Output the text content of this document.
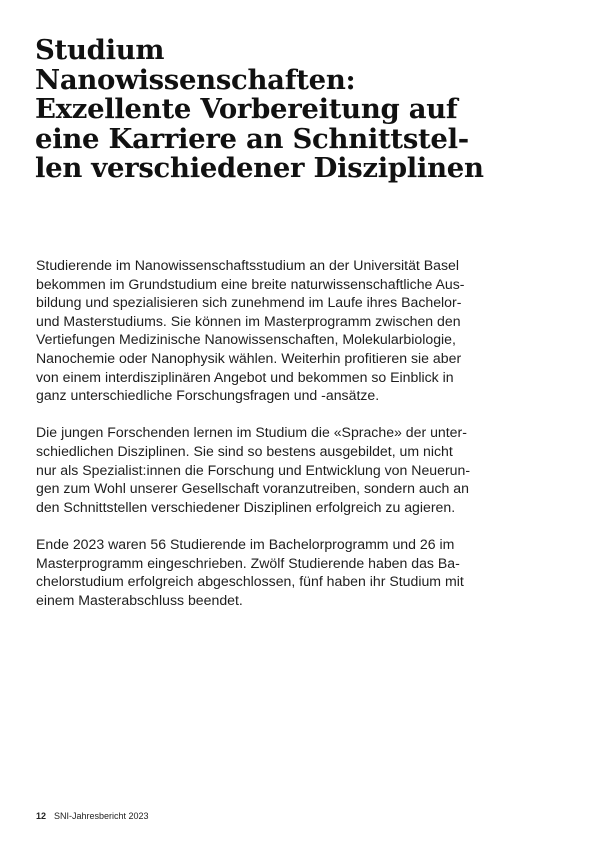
Studium
Nanowissenschaften:
Exzellente Vorbereitung auf
eine Karriere an Schnittstel-
len verschiedener Disziplinen

Studierende im Nanowissenschaftsstudium an der Universität Basel
bekommen im Grundstudium eine breite naturwissenschaftliche Aus-
bildung und spezialisieren sich zunehmend im Laufe ihres Bachelor-
und Masterstudiums. Sie können im Masterprogramm zwischen den
Vertiefungen Medizinische Nanowissenschaften, Molekularbiologie,
Nanochemie oder Nanophysik wählen. Weiterhin profitieren sie aber
von einem interdisziplinären Angebot und bekommen so Einblick in
ganz unterschiedliche Forschungsfragen und -ansätze.

Die jungen Forschenden lernen im Studium die «Sprache» der unter-
schiedlichen Disziplinen. Sie sind so bestens ausgebildet, um nicht
nur als Spezialist:innen die Forschung und Entwicklung von Neuerun-
gen zum Wohl unserer Gesellschaft voranzutreiben, sondern auch an
den Schnittstellen verschiedener Disziplinen erfolgreich zu agieren.

Ende 2023 waren 56 Studierende im Bachelorprogramm und 26 im
Masterprogramm eingeschrieben. Zwölf Studierende haben das Ba-
chelorstudium erfolgreich abgeschlossen, fünf haben ihr Studium mit
einem Masterabschluss beendet.

12 SNI-Jahresbericht 2023
